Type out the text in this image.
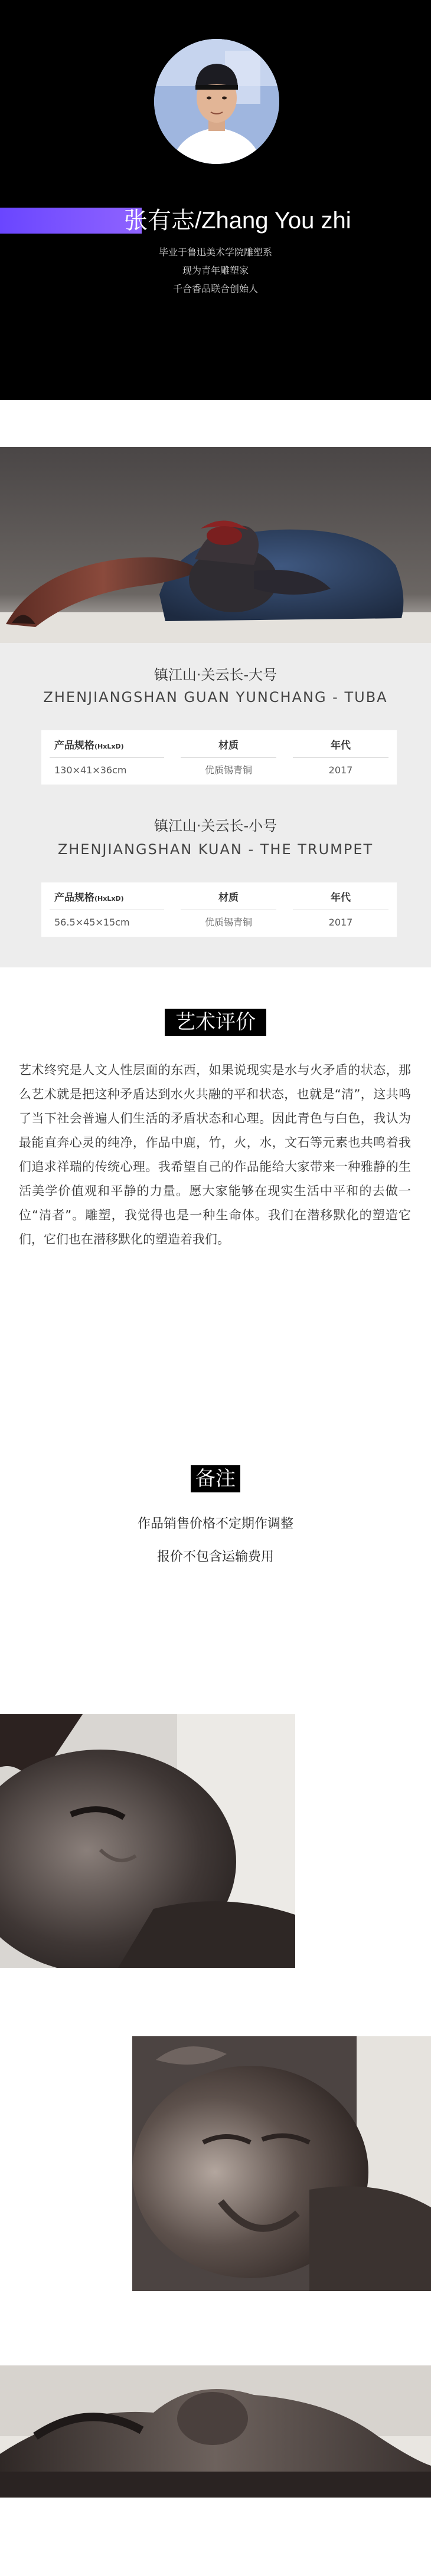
张有志/Zhang You zhi
毕业于鲁迅美术学院雕塑系
现为青年雕塑家
千合香品联合创始人
镇江山·关云长-大号
ZHENJIANGSHAN GUAN YUNCHANG - TUBA
产品规格(HxLxD)
130×41×36cm
材质
优质锡青铜
年代
2017
镇江山·关云长-小号
ZHENJIANGSHAN KUAN - THE TRUMPET
产品规格(HxLxD)
56.5×45×15cm
材质
优质锡青铜
年代
2017
艺术评价
艺术终究是人文人性层面的东西，如果说现实是水与火矛盾的状态，那么艺术就是把这种矛盾达到水火共融的平和状态，也就是“清”，这共鸣了当下社会普遍人们生活的矛盾状态和心理。因此青色与白色，我认为最能直奔心灵的纯净，作品中鹿，竹，火，水，文石等元素也共鸣着我们追求祥瑞的传统心理。我希望自己的作品能给大家带来一种雅静的生活美学价值观和平静的力量。愿大家能够在现实生活中平和的去做一位“清者”。雕塑，我觉得也是一种生命体。我们在潜移默化的塑造它们，它们也在潜移默化的塑造着我们。
备注
作品销售价格不定期作调整
报价不包含运输费用
